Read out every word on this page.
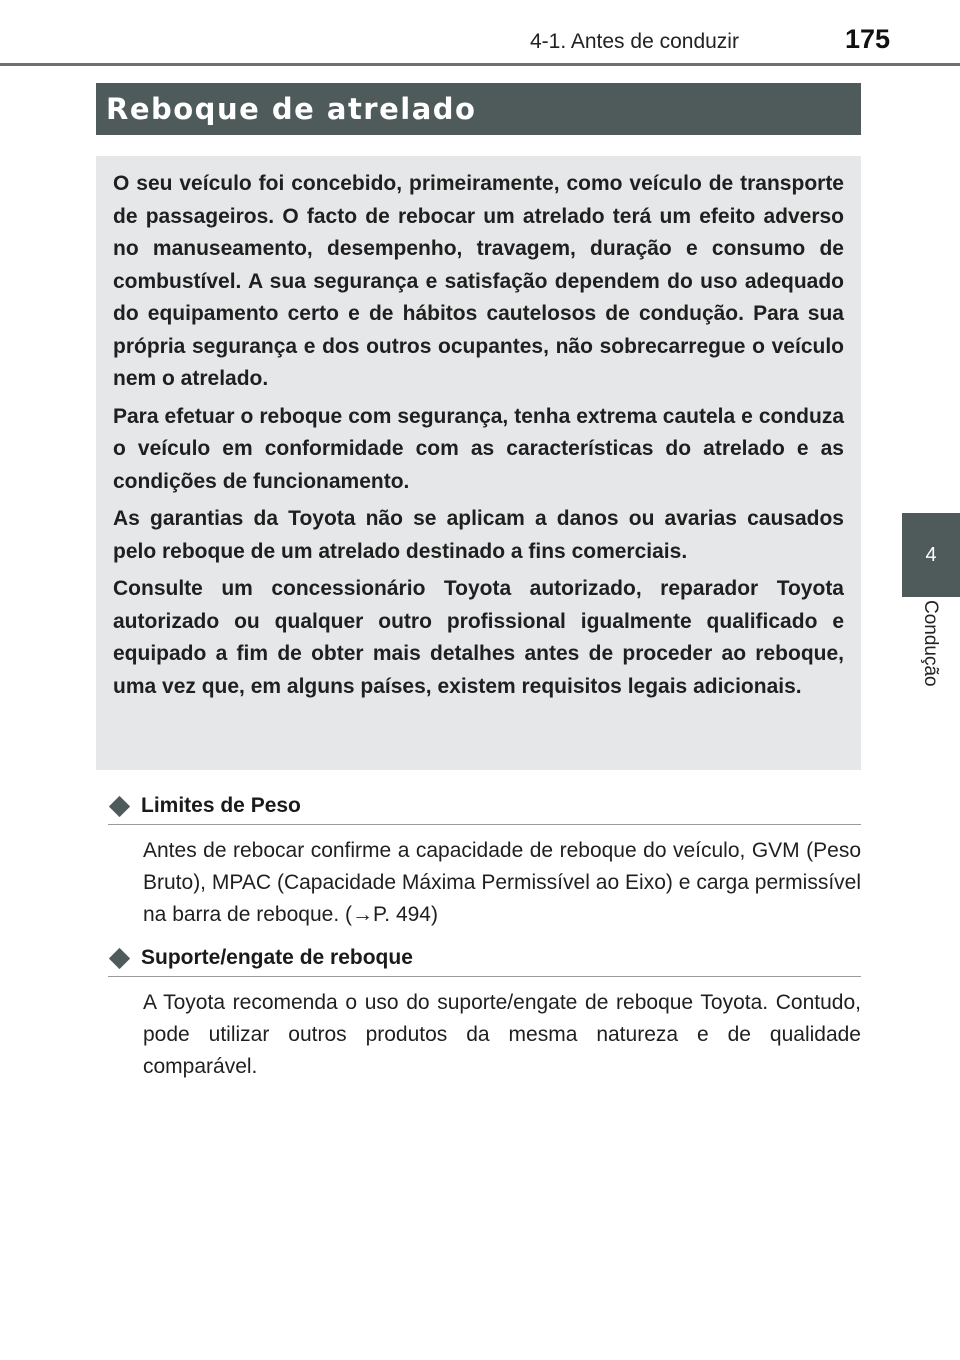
4-1. Antes de conduzir	175
4
Condução
Reboque de atrelado

O seu veículo foi concebido, primeiramente, como veículo de transporte de passageiros. O facto de rebocar um atrelado terá um efeito adverso no manuseamento, desempenho, travagem, duração e consumo de combustível. A sua segurança e satisfação dependem do uso adequado do equipamento certo e de hábitos cautelosos de condução. Para sua própria segurança e dos outros ocupantes, não sobrecarregue o veículo nem o atrelado.

Para efetuar o reboque com segurança, tenha extrema cautela e conduza o veículo em conformidade com as características do atrelado e as condições de funcionamento.

As garantias da Toyota não se aplicam a danos ou avarias causados pelo reboque de um atrelado destinado a fins comerciais.

Consulte um concessionário Toyota autorizado, reparador Toyota autorizado ou qualquer outro profissional igualmente qualificado e equipado a fim de obter mais detalhes antes de proceder ao reboque, uma vez que, em alguns países, existem requisitos legais adicionais.

Limites de Peso
Antes de rebocar confirme a capacidade de reboque do veículo, GVM (Peso Bruto), MPAC (Capacidade Máxima Permissível ao Eixo) e carga permissível na barra de reboque. (→P. 494)
Suporte/engate de reboque
A Toyota recomenda o uso do suporte/engate de reboque Toyota. Contudo, pode utilizar outros produtos da mesma natureza e de qualidade comparável.
